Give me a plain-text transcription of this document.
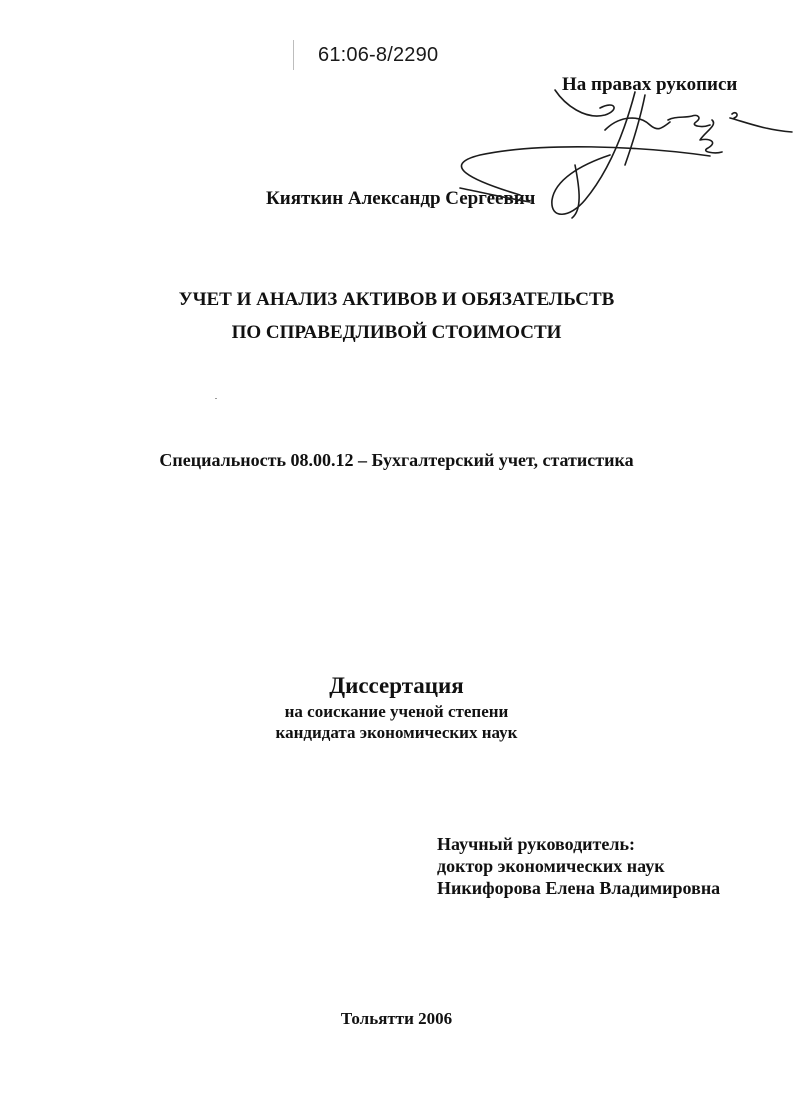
61:06-8/2290
На правах рукописи
Кияткин Александр Сергеевич
УЧЕТ И АНАЛИЗ АКТИВОВ И ОБЯЗАТЕЛЬСТВ
ПО СПРАВЕДЛИВОЙ СТОИМОСТИ
Специальность 08.00.12 – Бухгалтерский учет, статистика
Диссертация
на соискание ученой степени
кандидата экономических наук
Научный руководитель:
доктор экономических наук
Никифорова Елена Владимировна
Тольятти 2006
